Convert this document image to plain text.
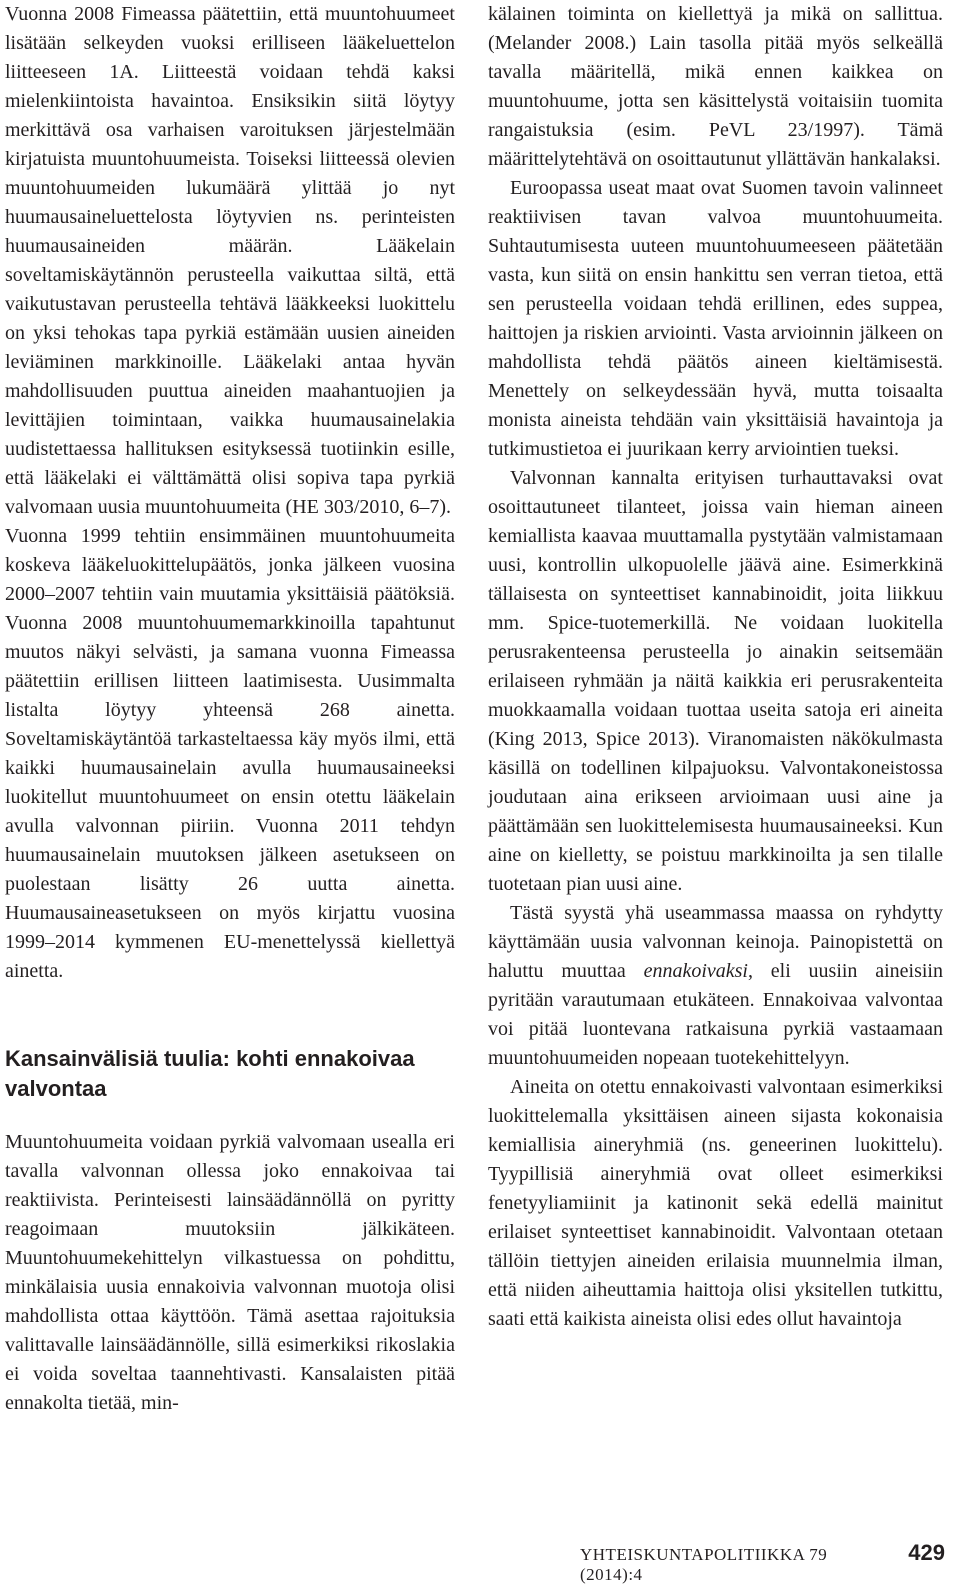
Vuonna 2008 Fimeassa päätettiin, että muuntohuumeet lisätään selkeyden vuoksi erilliseen lääkeluettelon liitteeseen 1A. Liitteestä voidaan tehdä kaksi mielenkiintoista havaintoa. Ensiksikin siitä löytyy merkittävä osa varhaisen varoituksen järjestelmään kirjatuista muuntohuumeista. Toiseksi liitteessä olevien muuntohuumeiden lukumäärä ylittää jo nyt huumausaineluettelosta löytyvien ns. perinteisten huumausaineiden määrän. Lääkelain soveltamiskäytännön perusteella vaikuttaa siltä, että vaikutustavan perusteella tehtävä lääkkeeksi luokittelu on yksi tehokas tapa pyrkiä estämään uusien aineiden leviäminen markkinoille. Lääkelaki antaa hyvän mahdollisuuden puuttua aineiden maahantuojien ja levittäjien toimintaan, vaikka huumausainelakia uudistettaessa hallituksen esityksessä tuotiinkin esille, että lääkelaki ei välttämättä olisi sopiva tapa pyrkiä valvomaan uusia muuntohuumeita (HE 303/2010, 6–7).

Vuonna 1999 tehtiin ensimmäinen muuntohuumeita koskeva lääkeluokittelupäätös, jonka jälkeen vuosina 2000–2007 tehtiin vain muutamia yksittäisiä päätöksiä. Vuonna 2008 muuntohuumemarkkinoilla tapahtunut muutos näkyi selvästi, ja samana vuonna Fimeassa päätettiin erillisen liitteen laatimisesta. Uusimmalta listalta löytyy yhteensä 268 ainetta. Soveltamiskäytäntöä tarkasteltaessa käy myös ilmi, että kaikki huumausainelain avulla huumausaineeksi luokitellut muuntohuumeet on ensin otettu lääkelain avulla valvonnan piiriin. Vuonna 2011 tehdyn huumausainelain muutoksen jälkeen asetukseen on puolestaan lisätty 26 uutta ainetta. Huumausaineasetukseen on myös kirjattu vuosina 1999–2014 kymmenen EU-menettelyssä kiellettyä ainetta.

Kansainvälisiä tuulia: kohti ennakoivaa valvontaa

Muuntohuumeita voidaan pyrkiä valvomaan usealla eri tavalla valvonnan ollessa joko ennakoivaa tai reaktiivista. Perinteisesti lainsäädännöllä on pyritty reagoimaan muutoksiin jälkikäteen. Muuntohuumekehittelyn vilkastuessa on pohdittu, minkälaisia uusia ennakoivia valvonnan muotoja olisi mahdollista ottaa käyttöön. Tämä asettaa rajoituksia valittavalle lainsäädännölle, sillä esimerkiksi rikoslakia ei voida soveltaa taannehtivasti. Kansalaisten pitää ennakolta tietää, min-

kälainen toiminta on kiellettyä ja mikä on sallittua. (Melander 2008.) Lain tasolla pitää myös selkeällä tavalla määritellä, mikä ennen kaikkea on muuntohuume, jotta sen käsittelystä voitaisiin tuomita rangaistuksia (esim. PeVL 23/1997). Tämä määrittelytehtävä on osoittautunut yllättävän hankalaksi.

Euroopassa useat maat ovat Suomen tavoin valinneet reaktiivisen tavan valvoa muuntohuumeita. Suhtautumisesta uuteen muuntohuumeeseen päätetään vasta, kun siitä on ensin hankittu sen verran tietoa, että sen perusteella voidaan tehdä erillinen, edes suppea, haittojen ja riskien arviointi. Vasta arvioinnin jälkeen on mahdollista tehdä päätös aineen kieltämisestä. Menettely on selkeydessään hyvä, mutta toisaalta monista aineista tehdään vain yksittäisiä havaintoja ja tutkimustietoa ei juurikaan kerry arviointien tueksi.

Valvonnan kannalta erityisen turhauttavaksi ovat osoittautuneet tilanteet, joissa vain hieman aineen kemiallista kaavaa muuttamalla pystytään valmistamaan uusi, kontrollin ulkopuolelle jäävä aine. Esimerkkinä tällaisesta on synteettiset kannabinoidit, joita liikkuu mm. Spice-tuotemerkillä. Ne voidaan luokitella perusrakenteensa perusteella jo ainakin seitsemään erilaiseen ryhmään ja näitä kaikkia eri perusrakenteita muokkaamalla voidaan tuottaa useita satoja eri aineita (King 2013, Spice 2013). Viranomaisten näkökulmasta käsillä on todellinen kilpajuoksu. Valvontakoneistossa joudutaan aina erikseen arvioimaan uusi aine ja päättämään sen luokittelemisesta huumausaineeksi. Kun aine on kielletty, se poistuu markkinoilta ja sen tilalle tuotetaan pian uusi aine.

Tästä syystä yhä useammassa maassa on ryhdytty käyttämään uusia valvonnan keinoja. Painopistettä on haluttu muuttaa ennakoivaksi, eli uusiin aineisiin pyritään varautumaan etukäteen. Ennakoivaa valvontaa voi pitää luontevana ratkaisuna pyrkiä vastaamaan muuntohuumeiden nopeaan tuotekehittelyyn.

Aineita on otettu ennakoivasti valvontaan esimerkiksi luokittelemalla yksittäisen aineen sijasta kokonaisia kemiallisia aineryhmiä (ns. geneerinen luokittelu). Tyypillisiä aineryhmiä ovat olleet esimerkiksi fenetyyliamiinit ja katinonit sekä edellä mainitut erilaiset synteettiset kannabinoidit. Valvontaan otetaan tällöin tiettyjen aineiden erilaisia muunnelmia ilman, että niiden aiheuttamia haittoja olisi yksitellen tutkittu, saati että kaikista aineista olisi edes ollut havaintoja

YHTEISKUNTAPOLITIIKKA 79 (2014):4
429
